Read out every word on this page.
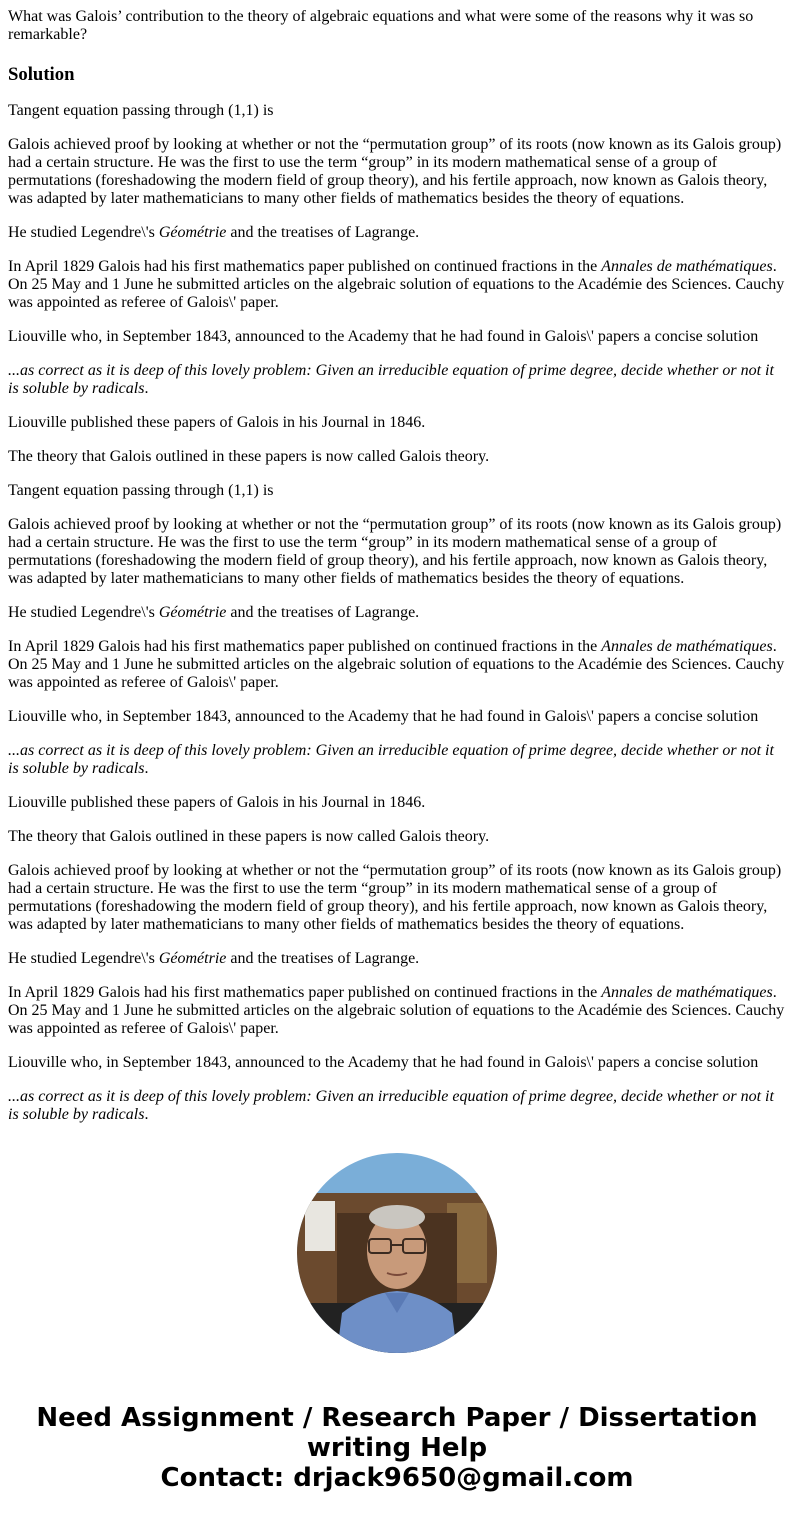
What was Galois’ contribution to the theory of algebraic equations and what were some of the reasons why it was so remarkable?

Solution

Tangent equation passing through (1,1) is

Galois achieved proof by looking at whether or not the “permutation group” of its roots (now known as its Galois group) had a certain structure. He was the first to use the term “group” in its modern mathematical sense of a group of permutations (foreshadowing the modern field of group theory), and his fertile approach, now known as Galois theory, was adapted by later mathematicians to many other fields of mathematics besides the theory of equations.

He studied Legendre\'s Géométrie and the treatises of Lagrange.

In April 1829 Galois had his first mathematics paper published on continued fractions in the Annales de mathématiques. On 25 May and 1 June he submitted articles on the algebraic solution of equations to the Académie des Sciences. Cauchy was appointed as referee of Galois\' paper.

Liouville who, in September 1843, announced to the Academy that he had found in Galois\' papers a concise solution

...as correct as it is deep of this lovely problem: Given an irreducible equation of prime degree, decide whether or not it is soluble by radicals.

Liouville published these papers of Galois in his Journal in 1846.

The theory that Galois outlined in these papers is now called Galois theory.

Tangent equation passing through (1,1) is

Galois achieved proof by looking at whether or not the “permutation group” of its roots (now known as its Galois group) had a certain structure. He was the first to use the term “group” in its modern mathematical sense of a group of permutations (foreshadowing the modern field of group theory), and his fertile approach, now known as Galois theory, was adapted by later mathematicians to many other fields of mathematics besides the theory of equations.

He studied Legendre\'s Géométrie and the treatises of Lagrange.

In April 1829 Galois had his first mathematics paper published on continued fractions in the Annales de mathématiques. On 25 May and 1 June he submitted articles on the algebraic solution of equations to the Académie des Sciences. Cauchy was appointed as referee of Galois\' paper.

Liouville who, in September 1843, announced to the Academy that he had found in Galois\' papers a concise solution

...as correct as it is deep of this lovely problem: Given an irreducible equation of prime degree, decide whether or not it is soluble by radicals.

Liouville published these papers of Galois in his Journal in 1846.

The theory that Galois outlined in these papers is now called Galois theory.

Galois achieved proof by looking at whether or not the “permutation group” of its roots (now known as its Galois group) had a certain structure. He was the first to use the term “group” in its modern mathematical sense of a group of permutations (foreshadowing the modern field of group theory), and his fertile approach, now known as Galois theory, was adapted by later mathematicians to many other fields of mathematics besides the theory of equations.

He studied Legendre\'s Géométrie and the treatises of Lagrange.

In April 1829 Galois had his first mathematics paper published on continued fractions in the Annales de mathématiques. On 25 May and 1 June he submitted articles on the algebraic solution of equations to the Académie des Sciences. Cauchy was appointed as referee of Galois\' paper.

Liouville who, in September 1843, announced to the Academy that he had found in Galois\' papers a concise solution

...as correct as it is deep of this lovely problem: Given an irreducible equation of prime degree, decide whether or not it is soluble by radicals.

Need Assignment / Research Paper / Dissertation writing Help
Contact: drjack9650@gmail.com
